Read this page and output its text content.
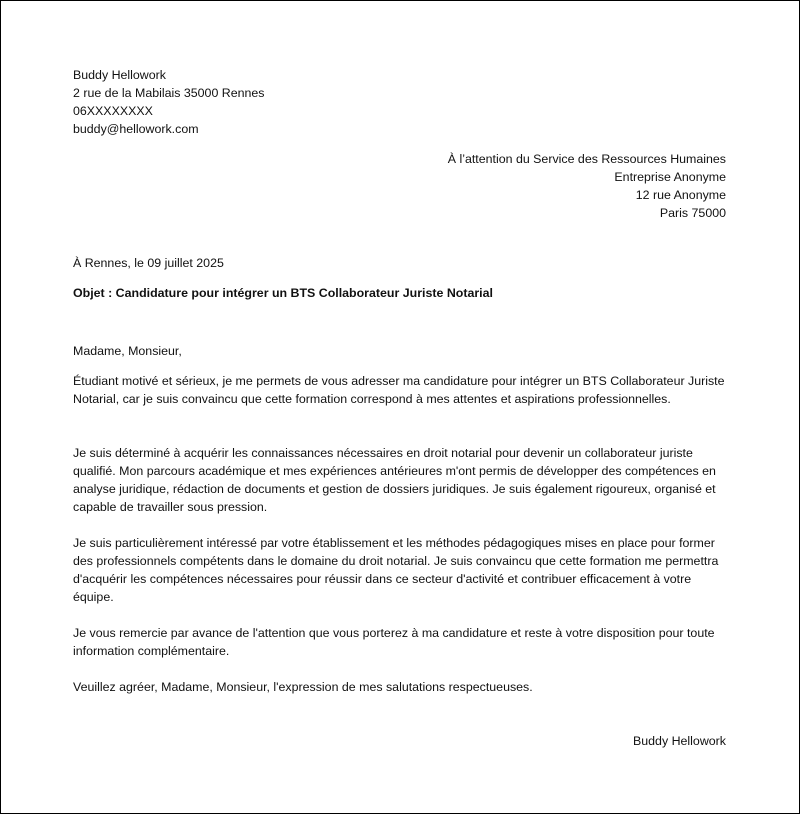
Buddy Hellowork
2 rue de la Mabilais 35000 Rennes
06XXXXXXXX
buddy@hellowork.com
À l’attention du Service des Ressources Humaines
Entreprise Anonyme
12 rue Anonyme
Paris 75000
À Rennes, le 09 juillet 2025
Objet : Candidature pour intégrer un BTS Collaborateur Juriste Notarial
Madame, Monsieur,

Étudiant motivé et sérieux, je me permets de vous adresser ma candidature pour intégrer un BTS Collaborateur Juriste Notarial, car je suis convaincu que cette formation correspond à mes attentes et aspirations professionnelles.

Je suis déterminé à acquérir les connaissances nécessaires en droit notarial pour devenir un collaborateur juriste qualifié. Mon parcours académique et mes expériences antérieures m'ont permis de développer des compétences en analyse juridique, rédaction de documents et gestion de dossiers juridiques. Je suis également rigoureux, organisé et capable de travailler sous pression.

Je suis particulièrement intéressé par votre établissement et les méthodes pédagogiques mises en place pour former des professionnels compétents dans le domaine du droit notarial. Je suis convaincu que cette formation me permettra d'acquérir les compétences nécessaires pour réussir dans ce secteur d'activité et contribuer efficacement à votre équipe.

Je vous remercie par avance de l'attention que vous porterez à ma candidature et reste à votre disposition pour toute information complémentaire.

Veuillez agréer, Madame, Monsieur, l'expression de mes salutations respectueuses.
Buddy Hellowork
